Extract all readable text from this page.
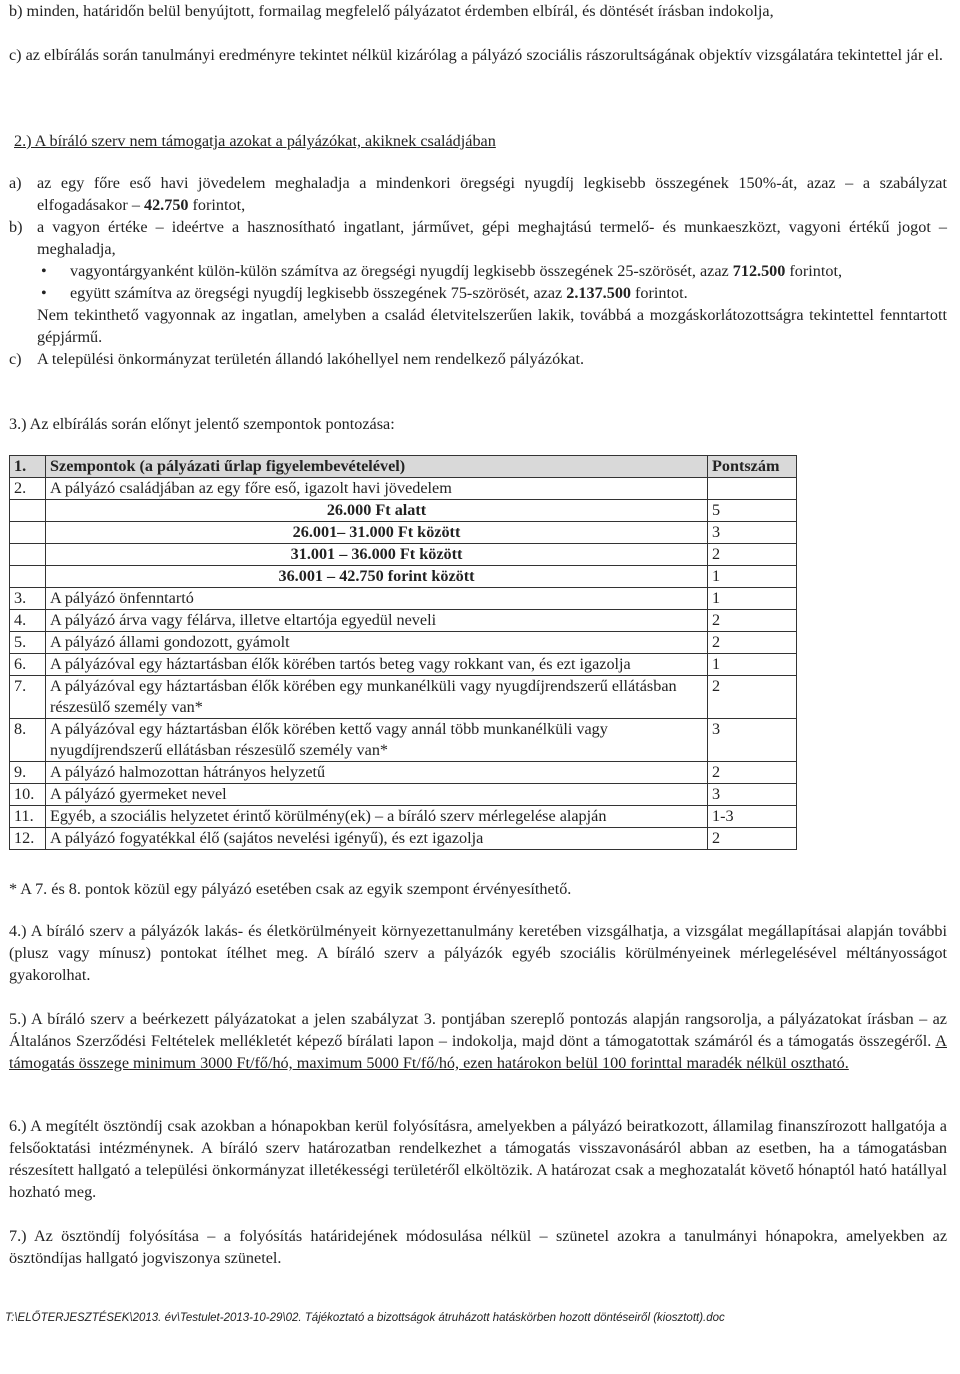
b) minden, határidőn belül benyújtott, formailag megfelelő pályázatot érdemben elbírál, és döntését írásban indokolja,

c) az elbírálás során tanulmányi eredményre tekintet nélkül kizárólag a pályázó szociális rászorultságának objektív vizsgálatára tekintettel jár el.

2.) A bíráló szerv nem támogatja azokat a pályázókat, akiknek családjában

a) az egy főre eső havi jövedelem meghaladja a mindenkori öregségi nyugdíj legkisebb összegének 150%-át, azaz – a szabályzat elfogadásakor – 42.750 forintot,

b) a vagyon értéke – ideértve a hasznosítható ingatlant, járművet, gépi meghajtású termelő- és munkaeszközt, vagyoni értékű jogot – meghaladja,

•	vagyontárgyanként külön-külön számítva az öregségi nyugdíj legkisebb összegének 25-szörösét, azaz 712.500 forintot,

•	együtt számítva az öregségi nyugdíj legkisebb összegének 75-szörösét, azaz 2.137.500 forintot.

Nem tekinthető vagyonnak az ingatlan, amelyben a család életvitelszerűen lakik, továbbá a mozgáskorlátozottságra tekintettel fenntartott gépjármű.

c) A települési önkormányzat területén állandó lakóhellyel nem rendelkező pályázókat.

3.) Az elbírálás során előnyt jelentő szempontok pontozása:

1.	Szempontok (a pályázati űrlap figyelembevételével)	Pontszám
2.	A pályázó családjában az egy főre eső, igazolt havi jövedelem	
	26.000 Ft alatt	5
	26.001– 31.000 Ft között	3
	31.001 – 36.000 Ft között	2
	36.001 – 42.750 forint között	1
3.	A pályázó önfenntartó	1
4.	A pályázó árva vagy félárva, illetve eltartója egyedül neveli	2
5.	A pályázó állami gondozott, gyámolt	2
6.	A pályázóval egy háztartásban élők körében tartós beteg vagy rokkant van, és ezt igazolja	1
7.	A pályázóval egy háztartásban élők körében egy munkanélküli vagy nyugdíjrendszerű ellátásban részesülő személy van*	2
8.	A pályázóval egy háztartásban élők körében kettő vagy annál több munkanélküli vagy nyugdíjrendszerű ellátásban részesülő személy van*	3
9.	A pályázó halmozottan hátrányos helyzetű	2
10.	A pályázó gyermeket nevel	3
11.	Egyéb, a szociális helyzetet érintő körülmény(ek) – a bíráló szerv mérlegelése alapján	1-3
12.	A pályázó fogyatékkal élő (sajátos nevelési igényű), és ezt igazolja	2

* A 7. és 8. pontok közül egy pályázó esetében csak az egyik szempont érvényesíthető.

4.) A bíráló szerv a pályázók lakás- és életkörülményeit környezettanulmány keretében vizsgálhatja, a vizsgálat megállapításai alapján további (plusz vagy mínusz) pontokat ítélhet meg. A bíráló szerv a pályázók egyéb szociális körülményeinek mérlegelésével méltányosságot gyakorolhat.

5.) A bíráló szerv a beérkezett pályázatokat a jelen szabályzat 3. pontjában szereplő pontozás alapján rangsorolja, a pályázatokat írásban – az Általános Szerződési Feltételek mellékletét képező bírálati lapon – indokolja, majd dönt a támogatottak számáról és a támogatás összegéről. A támogatás összege minimum 3000 Ft/fő/hó, maximum 5000 Ft/fő/hó, ezen határokon belül 100 forinttal maradék nélkül osztható.

6.) A megítélt ösztöndíj csak azokban a hónapokban kerül folyósításra, amelyekben a pályázó beiratkozott, államilag finanszírozott hallgatója a felsőoktatási intézménynek. A bíráló szerv határozatban rendelkezhet a támogatás visszavonásáról abban az esetben, ha a támogatásban részesített hallgató a települési önkormányzat illetékességi területéről elköltözik. A határozat csak a meghozatalát követő hónaptól ható hatállyal hozható meg.

7.) Az ösztöndíj folyósítása – a folyósítás határidejének módosulása nélkül – szünetel azokra a tanulmányi hónapokra, amelyekben az ösztöndíjas hallgató jogviszonya szünetel.

T:\ELŐTERJESZTÉSEK\2013. év\Testulet-2013-10-29\02. Tájékoztató a bizottságok átruházott hatáskörben hozott döntéseiről (kiosztott).doc
